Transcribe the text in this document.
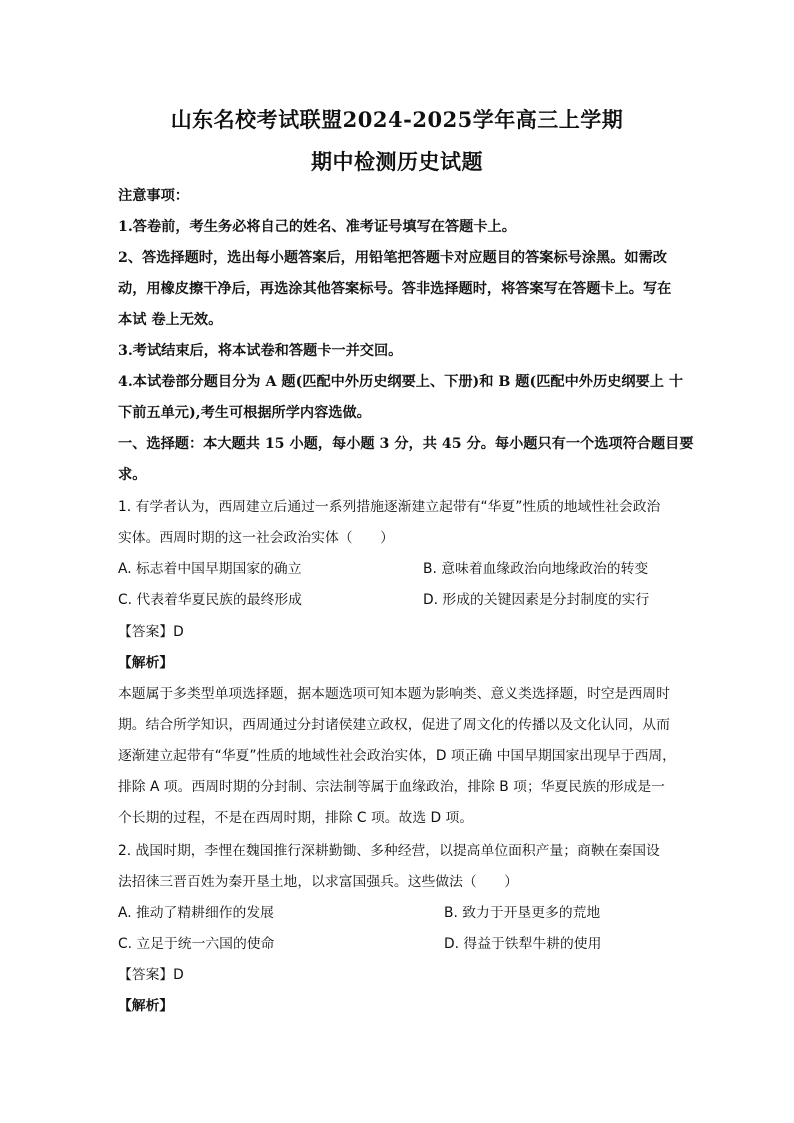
山东名校考试联盟2024-2025学年高三上学期
期中检测历史试题
注意事项：
1.答卷前，考生务必将自己的姓名、准考证号填写在答题卡上。
2、答选择题时，选出每小题答案后，用铅笔把答题卡对应题目的答案标号涂黑。如需改
动，用橡皮擦干净后，再选涂其他答案标号。答非选择题时，将答案写在答题卡上。写在
本试 卷上无效。
3.考试结束后，将本试卷和答题卡一并交回。
4.本试卷部分题目分为 A 题(匹配中外历史纲要上、下册)和 B 题(匹配中外历史纲要上 十
下前五单元),考生可根据所学内容选做。
一、选择题：本大题共 15 小题，每小题 3 分，共 45 分。每小题只有一个选项符合题目要
求。
1. 有学者认为，西周建立后通过一系列措施逐渐建立起带有“华夏”性质的地域性社会政治
实体。西周时期的这一社会政治实体（　　）
A. 标志着中国早期国家的确立	B. 意味着血缘政治向地缘政治的转变
C. 代表着华夏民族的最终形成	D. 形成的关键因素是分封制度的实行
【答案】D
【解析】
本题属于多类型单项选择题，据本题选项可知本题为影响类、意义类选择题，时空是西周时
期。结合所学知识，西周通过分封诸侯建立政权，促进了周文化的传播以及文化认同，从而
逐渐建立起带有“华夏”性质的地域性社会政治实体，D 项正确 中国早期国家出现早于西周，
排除 A 项。西周时期的分封制、宗法制等属于血缘政治，排除 B 项；华夏民族的形成是一
个长期的过程，不是在西周时期，排除 C 项。故选 D 项。
2. 战国时期，李悝在魏国推行深耕勤锄、多种经营，以提高单位面积产量；商鞅在秦国设
法招徕三晋百姓为秦开垦土地，以求富国强兵。这些做法（　　）
A. 推动了精耕细作的发展	B. 致力于开垦更多的荒地
C. 立足于统一六国的使命	D. 得益于铁犁牛耕的使用
【答案】D
【解析】
